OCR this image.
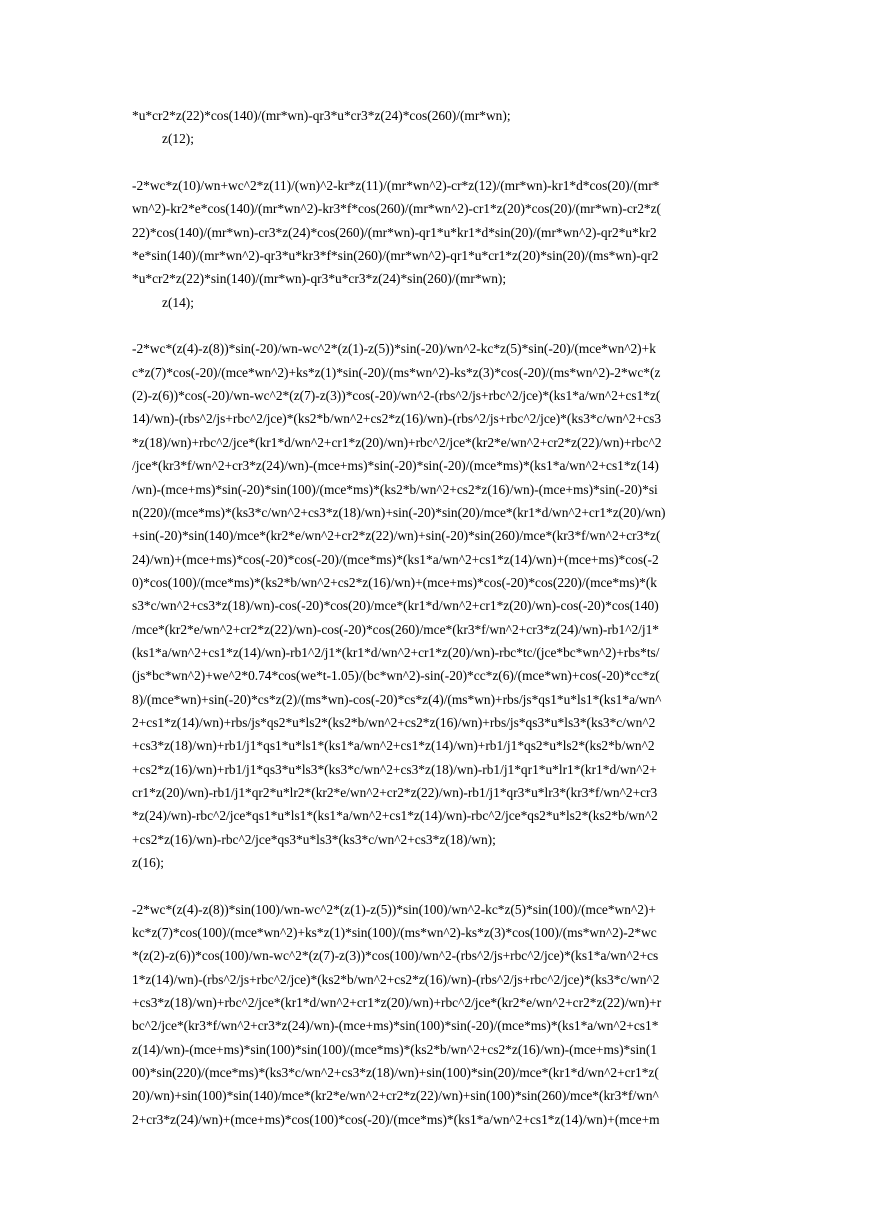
*u*cr2*z(22)*cos(140)/(mr*wn)-qr3*u*cr3*z(24)*cos(260)/(mr*wn);
z(12);
-2*wc*z(10)/wn+wc^2*z(11)/(wn)^2-kr*z(11)/(mr*wn^2)-cr*z(12)/(mr*wn)-kr1*d*cos(20)/(mr*
wn^2)-kr2*e*cos(140)/(mr*wn^2)-kr3*f*cos(260)/(mr*wn^2)-cr1*z(20)*cos(20)/(mr*wn)-cr2*z(
22)*cos(140)/(mr*wn)-cr3*z(24)*cos(260)/(mr*wn)-qr1*u*kr1*d*sin(20)/(mr*wn^2)-qr2*u*kr2
*e*sin(140)/(mr*wn^2)-qr3*u*kr3*f*sin(260)/(mr*wn^2)-qr1*u*cr1*z(20)*sin(20)/(ms*wn)-qr2
*u*cr2*z(22)*sin(140)/(mr*wn)-qr3*u*cr3*z(24)*sin(260)/(mr*wn);
z(14);
-2*wc*(z(4)-z(8))*sin(-20)/wn-wc^2*(z(1)-z(5))*sin(-20)/wn^2-kc*z(5)*sin(-20)/(mce*wn^2)+k
c*z(7)*cos(-20)/(mce*wn^2)+ks*z(1)*sin(-20)/(ms*wn^2)-ks*z(3)*cos(-20)/(ms*wn^2)-2*wc*(z
(2)-z(6))*cos(-20)/wn-wc^2*(z(7)-z(3))*cos(-20)/wn^2-(rbs^2/js+rbc^2/jce)*(ks1*a/wn^2+cs1*z(
14)/wn)-(rbs^2/js+rbc^2/jce)*(ks2*b/wn^2+cs2*z(16)/wn)-(rbs^2/js+rbc^2/jce)*(ks3*c/wn^2+cs3
*z(18)/wn)+rbc^2/jce*(kr1*d/wn^2+cr1*z(20)/wn)+rbc^2/jce*(kr2*e/wn^2+cr2*z(22)/wn)+rbc^2
/jce*(kr3*f/wn^2+cr3*z(24)/wn)-(mce+ms)*sin(-20)*sin(-20)/(mce*ms)*(ks1*a/wn^2+cs1*z(14)
/wn)-(mce+ms)*sin(-20)*sin(100)/(mce*ms)*(ks2*b/wn^2+cs2*z(16)/wn)-(mce+ms)*sin(-20)*si
n(220)/(mce*ms)*(ks3*c/wn^2+cs3*z(18)/wn)+sin(-20)*sin(20)/mce*(kr1*d/wn^2+cr1*z(20)/wn)
+sin(-20)*sin(140)/mce*(kr2*e/wn^2+cr2*z(22)/wn)+sin(-20)*sin(260)/mce*(kr3*f/wn^2+cr3*z(
24)/wn)+(mce+ms)*cos(-20)*cos(-20)/(mce*ms)*(ks1*a/wn^2+cs1*z(14)/wn)+(mce+ms)*cos(-2
0)*cos(100)/(mce*ms)*(ks2*b/wn^2+cs2*z(16)/wn)+(mce+ms)*cos(-20)*cos(220)/(mce*ms)*(k
s3*c/wn^2+cs3*z(18)/wn)-cos(-20)*cos(20)/mce*(kr1*d/wn^2+cr1*z(20)/wn)-cos(-20)*cos(140)
/mce*(kr2*e/wn^2+cr2*z(22)/wn)-cos(-20)*cos(260)/mce*(kr3*f/wn^2+cr3*z(24)/wn)-rb1^2/j1*
(ks1*a/wn^2+cs1*z(14)/wn)-rb1^2/j1*(kr1*d/wn^2+cr1*z(20)/wn)-rbc*tc/(jce*bc*wn^2)+rbs*ts/
(js*bc*wn^2)+we^2*0.74*cos(we*t-1.05)/(bc*wn^2)-sin(-20)*cc*z(6)/(mce*wn)+cos(-20)*cc*z(
8)/(mce*wn)+sin(-20)*cs*z(2)/(ms*wn)-cos(-20)*cs*z(4)/(ms*wn)+rbs/js*qs1*u*ls1*(ks1*a/wn^
2+cs1*z(14)/wn)+rbs/js*qs2*u*ls2*(ks2*b/wn^2+cs2*z(16)/wn)+rbs/js*qs3*u*ls3*(ks3*c/wn^2
+cs3*z(18)/wn)+rb1/j1*qs1*u*ls1*(ks1*a/wn^2+cs1*z(14)/wn)+rb1/j1*qs2*u*ls2*(ks2*b/wn^2
+cs2*z(16)/wn)+rb1/j1*qs3*u*ls3*(ks3*c/wn^2+cs3*z(18)/wn)-rb1/j1*qr1*u*lr1*(kr1*d/wn^2+
cr1*z(20)/wn)-rb1/j1*qr2*u*lr2*(kr2*e/wn^2+cr2*z(22)/wn)-rb1/j1*qr3*u*lr3*(kr3*f/wn^2+cr3
*z(24)/wn)-rbc^2/jce*qs1*u*ls1*(ks1*a/wn^2+cs1*z(14)/wn)-rbc^2/jce*qs2*u*ls2*(ks2*b/wn^2
+cs2*z(16)/wn)-rbc^2/jce*qs3*u*ls3*(ks3*c/wn^2+cs3*z(18)/wn);
z(16);
-2*wc*(z(4)-z(8))*sin(100)/wn-wc^2*(z(1)-z(5))*sin(100)/wn^2-kc*z(5)*sin(100)/(mce*wn^2)+
kc*z(7)*cos(100)/(mce*wn^2)+ks*z(1)*sin(100)/(ms*wn^2)-ks*z(3)*cos(100)/(ms*wn^2)-2*wc
*(z(2)-z(6))*cos(100)/wn-wc^2*(z(7)-z(3))*cos(100)/wn^2-(rbs^2/js+rbc^2/jce)*(ks1*a/wn^2+cs
1*z(14)/wn)-(rbs^2/js+rbc^2/jce)*(ks2*b/wn^2+cs2*z(16)/wn)-(rbs^2/js+rbc^2/jce)*(ks3*c/wn^2
+cs3*z(18)/wn)+rbc^2/jce*(kr1*d/wn^2+cr1*z(20)/wn)+rbc^2/jce*(kr2*e/wn^2+cr2*z(22)/wn)+r
bc^2/jce*(kr3*f/wn^2+cr3*z(24)/wn)-(mce+ms)*sin(100)*sin(-20)/(mce*ms)*(ks1*a/wn^2+cs1*
z(14)/wn)-(mce+ms)*sin(100)*sin(100)/(mce*ms)*(ks2*b/wn^2+cs2*z(16)/wn)-(mce+ms)*sin(1
00)*sin(220)/(mce*ms)*(ks3*c/wn^2+cs3*z(18)/wn)+sin(100)*sin(20)/mce*(kr1*d/wn^2+cr1*z(
20)/wn)+sin(100)*sin(140)/mce*(kr2*e/wn^2+cr2*z(22)/wn)+sin(100)*sin(260)/mce*(kr3*f/wn^
2+cr3*z(24)/wn)+(mce+ms)*cos(100)*cos(-20)/(mce*ms)*(ks1*a/wn^2+cs1*z(14)/wn)+(mce+m
